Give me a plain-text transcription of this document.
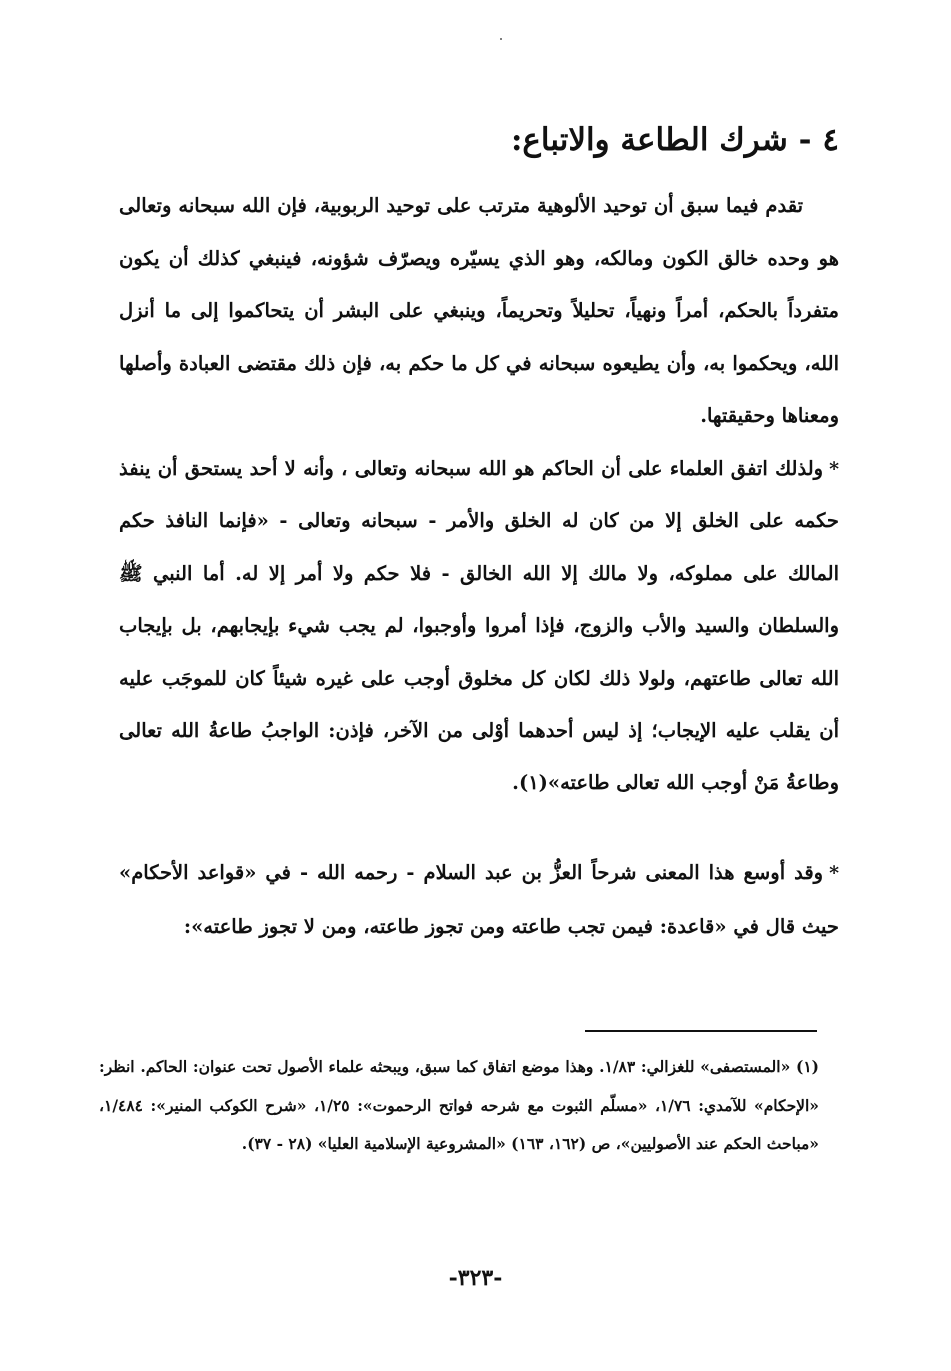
٤ - شرك الطاعة والاتباع:
تقدم فيما سبق أن توحيد الألوهية مترتب على توحيد الربوبية، فإن الله سبحانه وتعالى هو وحده خالق الكون ومالكه، وهو الذي يسيّره ويصرّف شؤونه، فينبغي كذلك أن يكون متفرداً بالحكم، أمراً ونهياً، تحليلاً وتحريماً، وينبغي على البشر أن يتحاكموا إلى ما أنزل الله، ويحكموا به، وأن يطيعوه سبحانه في كل ما حكم به، فإن ذلك مقتضى العبادة وأصلها ومعناها وحقيقتها.
*ولذلك اتفق العلماء على أن الحاكم هو الله سبحانه وتعالى ، وأنه لا أحد يستحق أن ينفذ حكمه على الخلق إلا من كان له الخلق والأمر - سبحانه وتعالى - «فإنما النافذ حكم المالك على مملوكه، ولا مالك إلا الله الخالق - فلا حكم ولا أمر إلا له. أما النبي ﷺ والسلطان والسيد والأب والزوج، فإذا أمروا وأوجبوا، لم يجب شيء بإيجابهم، بل بإيجاب الله تعالى طاعتهم، ولولا ذلك لكان كل مخلوق أوجب على غيره شيئاً كان للموجَب عليه أن يقلب عليه الإيجاب؛ إذ ليس أحدهما أوْلى من الآخر، فإذن: الواجبُ طاعةُ الله تعالى وطاعةُ مَنْ أوجب الله تعالى طاعته»(١).
*وقد أوسع هذا المعنى شرحاً العزُّ بن عبد السلام - رحمه الله - في «قواعد الأحكام» حيث قال في «قاعدة: فيمن تجب طاعته ومن تجوز طاعته، ومن لا تجوز طاعته»:
(١) «المستصفى» للغزالي: ١/٨٣. وهذا موضع اتفاق كما سبق، ويبحثه علماء الأصول تحت عنوان: الحاكم. انظر: «الإحكام» للآمدي: ١/٧٦، «مسلّم الثبوت مع شرحه فواتح الرحموت»: ١/٢٥، «شرح الكوكب المنير»: ١/٤٨٤، «مباحث الحكم عند الأصوليين»، ص (١٦٢، ١٦٣) «المشروعية الإسلامية العليا» (٢٨ - ٣٧).
-٣٢٣-
